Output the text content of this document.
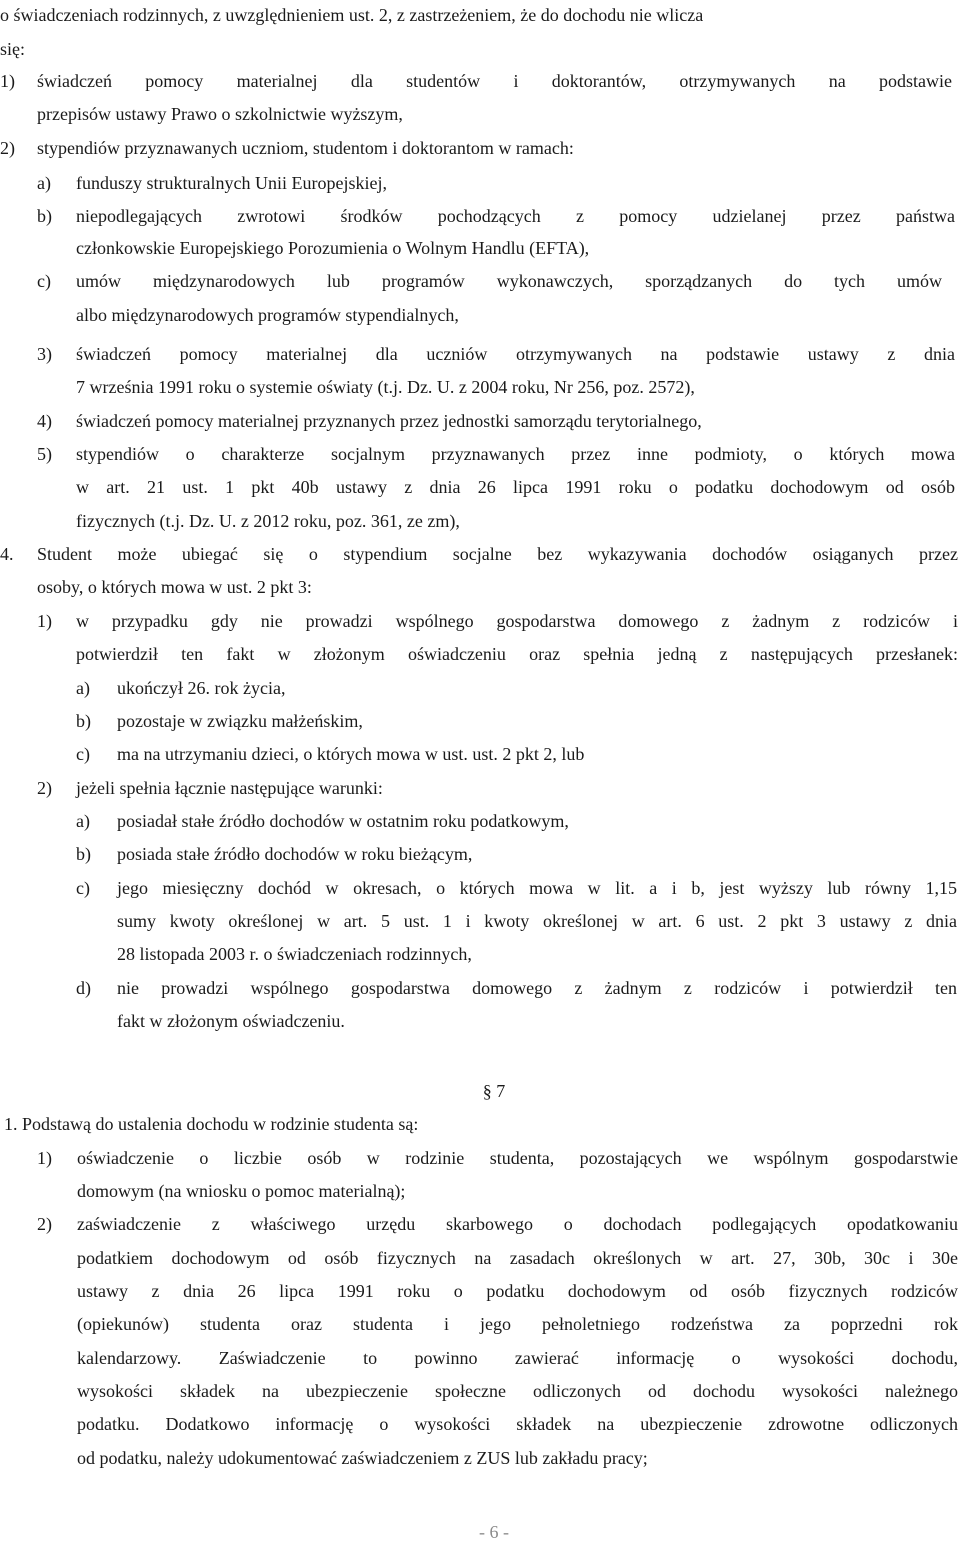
o świadczeniach rodzinnych, z uwzględnieniem ust. 2, z zastrzeżeniem, że do dochodu nie wlicza
się:
1) świadczeń pomocy materialnej dla studentów i doktorantów, otrzymywanych na podstawie
przepisów ustawy Prawo o szkolnictwie wyższym,
2) stypendiów przyznawanych uczniom, studentom i doktorantom w ramach:
a) funduszy strukturalnych Unii Europejskiej,
b) niepodlegających zwrotowi środków pochodzących z pomocy udzielanej przez państwa
członkowskie Europejskiego Porozumienia o Wolnym Handlu (EFTA),
c) umów międzynarodowych lub programów wykonawczych, sporządzanych do tych umów
albo międzynarodowych programów stypendialnych,
3) świadczeń pomocy materialnej dla uczniów otrzymywanych na podstawie ustawy z dnia
7 września 1991 roku o systemie oświaty (t.j. Dz. U. z 2004 roku, Nr 256, poz. 2572),
4) świadczeń pomocy materialnej przyznanych przez jednostki samorządu terytorialnego,
5) stypendiów o charakterze socjalnym przyznawanych przez inne podmioty, o których mowa
w art. 21 ust. 1 pkt 40b ustawy z dnia 26 lipca 1991 roku o podatku dochodowym od osób
fizycznych (t.j. Dz. U. z 2012 roku, poz. 361, ze zm),
4. Student może ubiegać się o stypendium socjalne bez wykazywania dochodów osiąganych przez
osoby, o których mowa w ust. 2 pkt 3:
1) w przypadku gdy nie prowadzi wspólnego gospodarstwa domowego z żadnym z rodziców i
potwierdził ten fakt w złożonym oświadczeniu oraz spełnia jedną z następujących przesłanek:
a) ukończył 26. rok życia,
b) pozostaje w związku małżeńskim,
c) ma na utrzymaniu dzieci, o których mowa w ust. ust. 2 pkt 2, lub
2) jeżeli spełnia łącznie następujące warunki:
a) posiadał stałe źródło dochodów w ostatnim roku podatkowym,
b) posiada stałe źródło dochodów w roku bieżącym,
c) jego miesięczny dochód w okresach, o których mowa w lit. a i b, jest wyższy lub równy 1,15
sumy kwoty określonej w art. 5 ust. 1 i kwoty określonej w art. 6 ust. 2 pkt 3 ustawy z dnia
28 listopada 2003 r. o świadczeniach rodzinnych,
d) nie prowadzi wspólnego gospodarstwa domowego z żadnym z rodziców i potwierdził ten
fakt w złożonym oświadczeniu.
§ 7
1. Podstawą do ustalenia dochodu w rodzinie studenta są:
1) oświadczenie o liczbie osób w rodzinie studenta, pozostających we wspólnym gospodarstwie
domowym (na wniosku o pomoc materialną);
2) zaświadczenie z właściwego urzędu skarbowego o dochodach podlegających opodatkowaniu
podatkiem dochodowym od osób fizycznych na zasadach określonych w art. 27, 30b, 30c i 30e
ustawy z dnia 26 lipca 1991 roku o podatku dochodowym od osób fizycznych rodziców
(opiekunów) studenta oraz studenta i jego pełnoletniego rodzeństwa za poprzedni rok
kalendarzowy. Zaświadczenie to powinno zawierać informację o wysokości dochodu,
wysokości składek na ubezpieczenie społeczne odliczonych od dochodu wysokości należnego
podatku. Dodatkowo informację o wysokości składek na ubezpieczenie zdrowotne odliczonych
od podatku, należy udokumentować zaświadczeniem z ZUS lub zakładu pracy;
- 6 -
